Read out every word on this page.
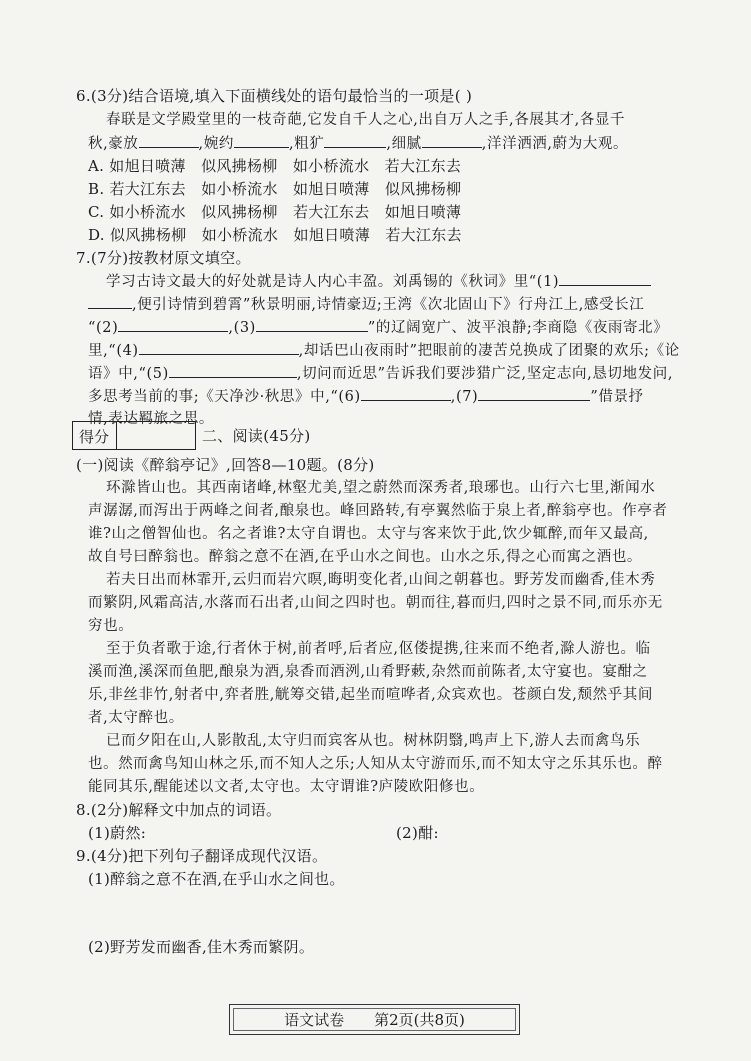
6.(3分)结合语境,填入下面横线处的语句最恰当的一项是( )
春联是文学殿堂里的一枝奇葩,它发自千人之心,出自万人之手,各展其才,各显千
秋,豪放	,婉约	,粗犷	,细腻	,洋洋洒洒,蔚为大观。
A. 如旭日喷薄　似风拂杨柳　如小桥流水　若大江东去
B. 若大江东去　如小桥流水　如旭日喷薄　似风拂杨柳
C. 如小桥流水　似风拂杨柳　若大江东去　如旭日喷薄
D. 似风拂杨柳　如小桥流水　如旭日喷薄　若大江东去
7.(7分)按教材原文填空。
学习古诗文最大的好处就是诗人内心丰盈。刘禹锡的《秋词》里“(1)
,便引诗情到碧霄”秋景明丽,诗情豪迈;王湾《次北固山下》行舟江上,感受长江
“(2)	,(3)	”的辽阔宽广、波平浪静;李商隐《夜雨寄北》
里,“(4)	,却话巴山夜雨时”把眼前的凄苦兑换成了团聚的欢乐;《论
语》中,“(5)	,切问而近思”告诉我们要涉猎广泛,坚定志向,恳切地发问,
多思考当前的事;《天净沙·秋思》中,“(6)	,(7)	”借景抒
情,表达羁旅之思。
得分	二、阅读(45分)
(一)阅读《醉翁亭记》,回答8—10题。(8分)
环滁皆山也。其西南诸峰,林壑尤美,望之蔚然而深秀者,琅琊也。山行六七里,渐闻水
声潺潺,而泻出于两峰之间者,酿泉也。峰回路转,有亭翼然临于泉上者,醉翁亭也。作亭者
谁?山之僧智仙也。名之者谁?太守自谓也。太守与客来饮于此,饮少辄醉,而年又最高,
故自号曰醉翁也。醉翁之意不在酒,在乎山水之间也。山水之乐,得之心而寓之酒也。
若夫日出而林霏开,云归而岩穴暝,晦明变化者,山间之朝暮也。野芳发而幽香,佳木秀
而繁阴,风霜高洁,水落而石出者,山间之四时也。朝而往,暮而归,四时之景不同,而乐亦无
穷也。
至于负者歌于途,行者休于树,前者呼,后者应,伛偻提携,往来而不绝者,滁人游也。临
溪而渔,溪深而鱼肥,酿泉为酒,泉香而酒洌,山肴野蔌,杂然而前陈者,太守宴也。宴酣之
乐,非丝非竹,射者中,弈者胜,觥筹交错,起坐而喧哗者,众宾欢也。苍颜白发,颓然乎其间
者,太守醉也。
已而夕阳在山,人影散乱,太守归而宾客从也。树林阴翳,鸣声上下,游人去而禽鸟乐
也。然而禽鸟知山林之乐,而不知人之乐;人知从太守游而乐,而不知太守之乐其乐也。醉
能同其乐,醒能述以文者,太守也。太守谓谁?庐陵欧阳修也。
8.(2分)解释文中加点的词语。
(1)蔚然:	(2)酣:
9.(4分)把下列句子翻译成现代汉语。
(1)醉翁之意不在酒,在乎山水之间也。
(2)野芳发而幽香,佳木秀而繁阴。
语文试卷 第2页(共8页)
